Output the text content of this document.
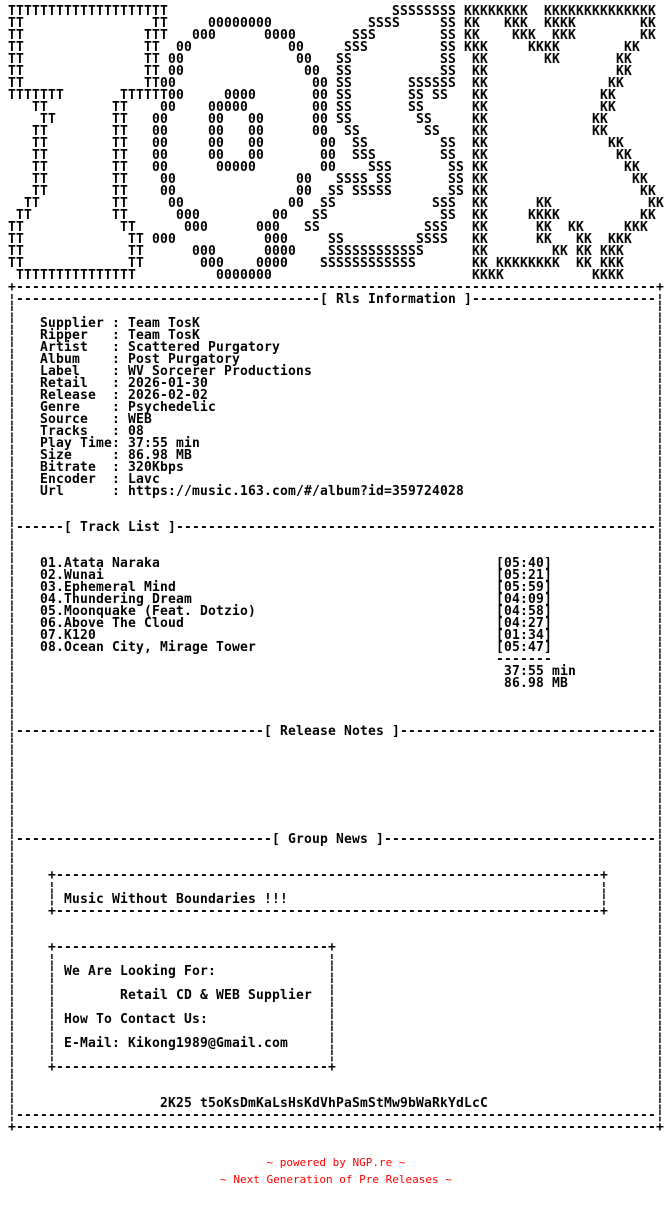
TTTTTTTTTTTTTTTTTTTT                            SSSSSSSS KKKKKKKK  KKKKKKKKKKKKKK
TT                TT     00000000            SSSS     SS KK   KKK  KKKK        KK
TT               TTT   000      0000       SSS        SS KK    KKK  KKK        KK
TT               TT  00            00     SSS         SS KKK     KKKK        KK
TT               TT 00              00   SS           SS  KK       KK       KK
TT               TT 00               00  SS           SS  KK                KK
TT               TT00                 00 SS       SSSSSS  KK               KK
TTTTTTT       TTTTTT00     0000       00 SS       SS SS   KK              KK
TT        TT    00    00000        00 SS       SS      KK              KK
TT       TT   00     00   00      00 SS        SS     KK             KK
TT        TT   00     00   00      00  SS        SS    KK             KK
TT        TT   00     00   00       00  SS         SS  KK               KK
TT        TT   00     00   00       00  SSS        SS  KK                KK
TT        TT   00      00000        00    SSS       SS KK                 KK
TT        TT    00               00   SSSS SS       SS KK                  KK
TT        TT    00               00  SS SSSSS       SS KK                   KK
TT         TT     00             00  SS            SSS  KK      KK            KK
TT          TT      000         00   SS              SS  KK     KKKK          KK
TT            TT      000      000   SS             SSS   KK      KK  KK     KKK
TT             TT 000           000     SS         SSSS   KK      KK   KK  KKK
TT             TT      000      0000    SSSSSSSSSSSS      KK        KK KK KKK
TT             TT       000    0000    SSSSSSSSSSSS       KK KKKKKKKK  KK KKK
TTTTTTTTTTTTTTT          0000000                         KKKK           KKKK
+--------------------------------------------------------------------------------+
¦--------------------------------------[ Rls Information ]-----------------------¦
¦                                                                                ¦
¦   Supplier : Team TosK                                                         ¦
¦   Ripper   : Team TosK                                                         ¦
¦   Artist   : Scattered Purgatory                                               ¦
¦   Album    : Post Purgatory                                                    ¦
¦   Label    : WV Sorcerer Productions                                           ¦
¦   Retail   : 2026-01-30                                                        ¦
¦   Release  : 2026-02-02                                                        ¦
¦   Genre    : Psychedelic                                                       ¦
¦   Source   : WEB                                                               ¦
¦   Tracks   : 08                                                                ¦
¦   Play Time: 37:55 min                                                         ¦
¦   Size     : 86.98 MB                                                          ¦
¦   Bitrate  : 320Kbps                                                           ¦
¦   Encoder  : Lavc                                                              ¦
¦   Url      : https://music.163.com/#/album?id=359724028                        ¦
¦                                                                                ¦
¦                                                                                ¦
¦------[ Track List ]------------------------------------------------------------¦
¦                                                                                ¦
¦                                                                                ¦
¦   01.Atata Naraka                                          [05:40]             ¦
¦   02.Wunai                                                 [05:21]             ¦
¦   03.Ephemeral Mind                                        [05:59]             ¦
¦   04.Thundering Dream                                      [04:09]             ¦
¦   05.Moonquake (Feat. Dotzio)                              [04:58]             ¦
¦   06.Above The Cloud                                       [04:27]             ¦
¦   07.K120                                                  [01:34]             ¦
¦   08.Ocean City, Mirage Tower                              [05:47]             ¦
¦                                                            -------             ¦
¦                                                             37:55 min          ¦
¦                                                             86.98 MB           ¦
¦                                                                                ¦
¦                                                                                ¦
¦                                                                                ¦
¦-------------------------------[ Release Notes ]--------------------------------¦
¦                                                                                ¦
¦                                                                                ¦
¦                                                                                ¦
¦                                                                                ¦
¦                                                                                ¦
¦                                                                                ¦
¦                                                                                ¦
¦                                                                                ¦
¦--------------------------------[ Group News ]----------------------------------¦
¦                                                                                ¦
¦                                                                                ¦
¦    +--------------------------------------------------------------------+      ¦
¦    ¦                                                                    ¦      ¦
¦    ¦ Music Without Boundaries !!!                                       ¦      ¦
¦    +--------------------------------------------------------------------+      ¦
¦                                                                                ¦
¦                                                                                ¦
¦    +----------------------------------+                                        ¦
¦    ¦                                  ¦                                        ¦
¦    ¦ We Are Looking For:              ¦                                        ¦
¦    ¦                                  ¦                                        ¦
¦    ¦        Retail CD & WEB Supplier  ¦                                        ¦
¦    ¦                                  ¦                                        ¦
¦    ¦ How To Contact Us:               ¦                                        ¦
¦    ¦                                  ¦                                        ¦
¦    ¦ E-Mail: Kikong1989@Gmail.com     ¦                                        ¦
¦    ¦                                  ¦                                        ¦
¦    +----------------------------------+                                        ¦
¦                                                                                ¦
¦                                                                                ¦
¦                  2K25 t5oKsDmKaLsHsKdVhPaSmStMw9bWaRkYdLcC                     ¦
¦--------------------------------------------------------------------------------¦
+--------------------------------------------------------------------------------+
~ powered by NGP.re ~
~ Next Generation of Pre Releases ~
